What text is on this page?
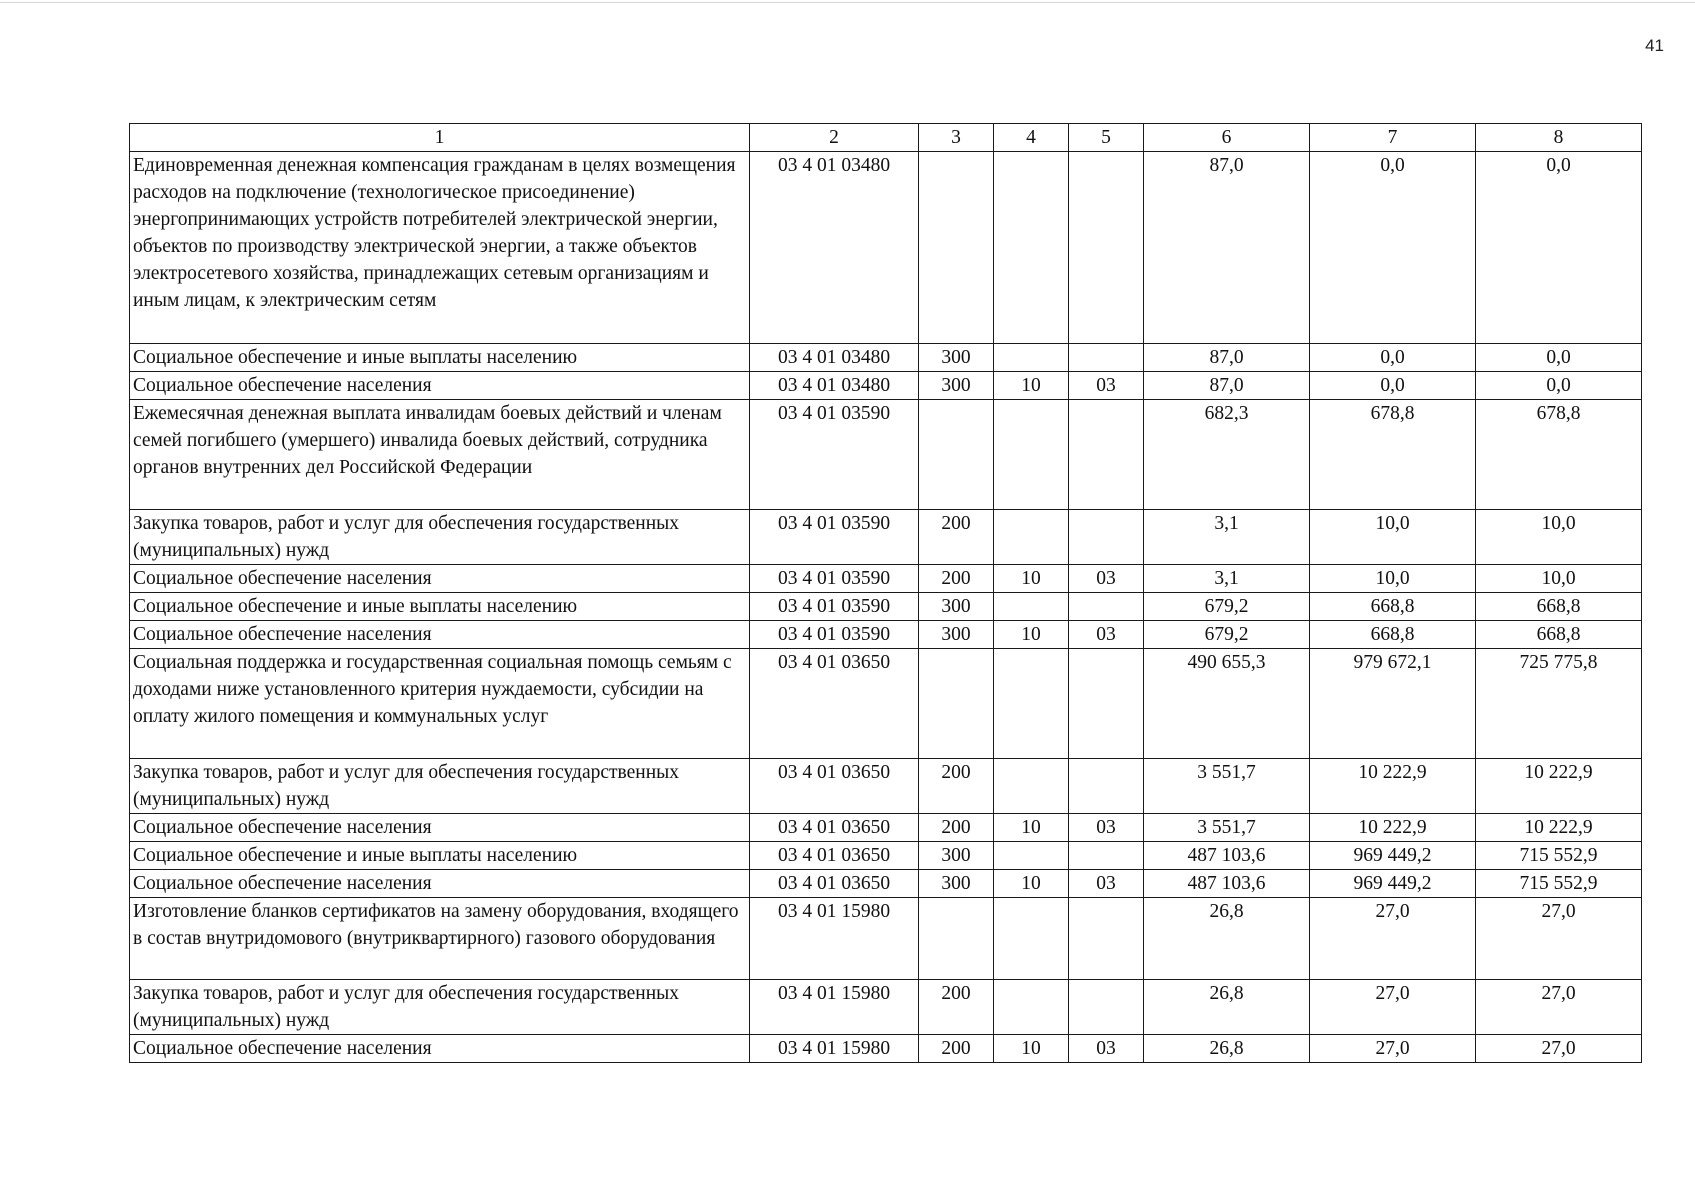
41
1	2	3	4	5	6	7	8
Единовременная денежная компенсация гражданам в целях возмещения расходов на подключение (технологическое присоединение) энергопринимающих устройств потребителей электрической энергии, объектов по производству электрической энергии, а также объектов электросетевого хозяйства, принадлежащих сетевым организациям и иным лицам, к электрическим сетям	03 4 01 03480				87,0	0,0	0,0
Социальное обеспечение и иные выплаты населению	03 4 01 03480	300			87,0	0,0	0,0
Социальное обеспечение населения	03 4 01 03480	300	10	03	87,0	0,0	0,0
Ежемесячная денежная выплата инвалидам боевых действий и членам семей погибшего (умершего) инвалида боевых действий, сотрудника органов внутренних дел Российской Федерации	03 4 01 03590				682,3	678,8	678,8
Закупка товаров, работ и услуг для обеспечения государственных (муниципальных) нужд	03 4 01 03590	200			3,1	10,0	10,0
Социальное обеспечение населения	03 4 01 03590	200	10	03	3,1	10,0	10,0
Социальное обеспечение и иные выплаты населению	03 4 01 03590	300			679,2	668,8	668,8
Социальное обеспечение населения	03 4 01 03590	300	10	03	679,2	668,8	668,8
Социальная поддержка и государственная социальная помощь семьям с доходами ниже установленного критерия нуждаемости, субсидии на оплату жилого помещения и коммунальных услуг	03 4 01 03650				490 655,3	979 672,1	725 775,8
Закупка товаров, работ и услуг для обеспечения государственных (муниципальных) нужд	03 4 01 03650	200			3 551,7	10 222,9	10 222,9
Социальное обеспечение населения	03 4 01 03650	200	10	03	3 551,7	10 222,9	10 222,9
Социальное обеспечение и иные выплаты населению	03 4 01 03650	300			487 103,6	969 449,2	715 552,9
Социальное обеспечение населения	03 4 01 03650	300	10	03	487 103,6	969 449,2	715 552,9
Изготовление бланков сертификатов на замену оборудования, входящего в состав внутридомового (внутриквартирного) газового оборудования	03 4 01 15980				26,8	27,0	27,0
Закупка товаров, работ и услуг для обеспечения государственных (муниципальных) нужд	03 4 01 15980	200			26,8	27,0	27,0
Социальное обеспечение населения	03 4 01 15980	200	10	03	26,8	27,0	27,0
